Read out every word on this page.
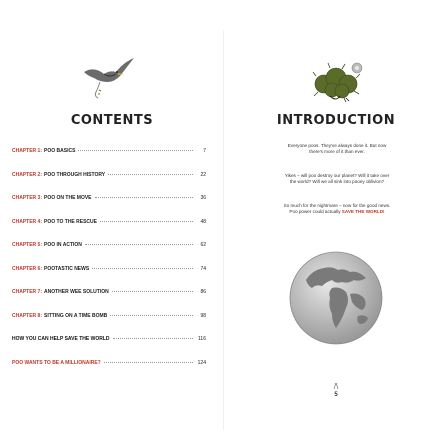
CONTENTS
CHAPTER 1: POO BASICS	7
CHAPTER 2: POO THROUGH HISTORY	22
CHAPTER 3: POO ON THE MOVE	36
CHAPTER 4: POO TO THE RESCUE	48
CHAPTER 5: POO IN ACTION	62
CHAPTER 6: POOTASTIC NEWS	74
CHAPTER 7: ANOTHER WEE SOLUTION	86
CHAPTER 8: SITTING ON A TIME BOMB	98
HOW YOU CAN HELP SAVE THE WORLD	116
POO WANTS TO BE A MILLIONAIRE?	124
INTRODUCTION
Everyone poos. They've always done it. But now
there's more of it than ever.
Yikes – will poo destroy our planet? Will it take over
the world? Will we all sink into pooey oblivion?
So much for the nightmare – now for the good news.
Poo power could actually SAVE THE WORLD!
5
